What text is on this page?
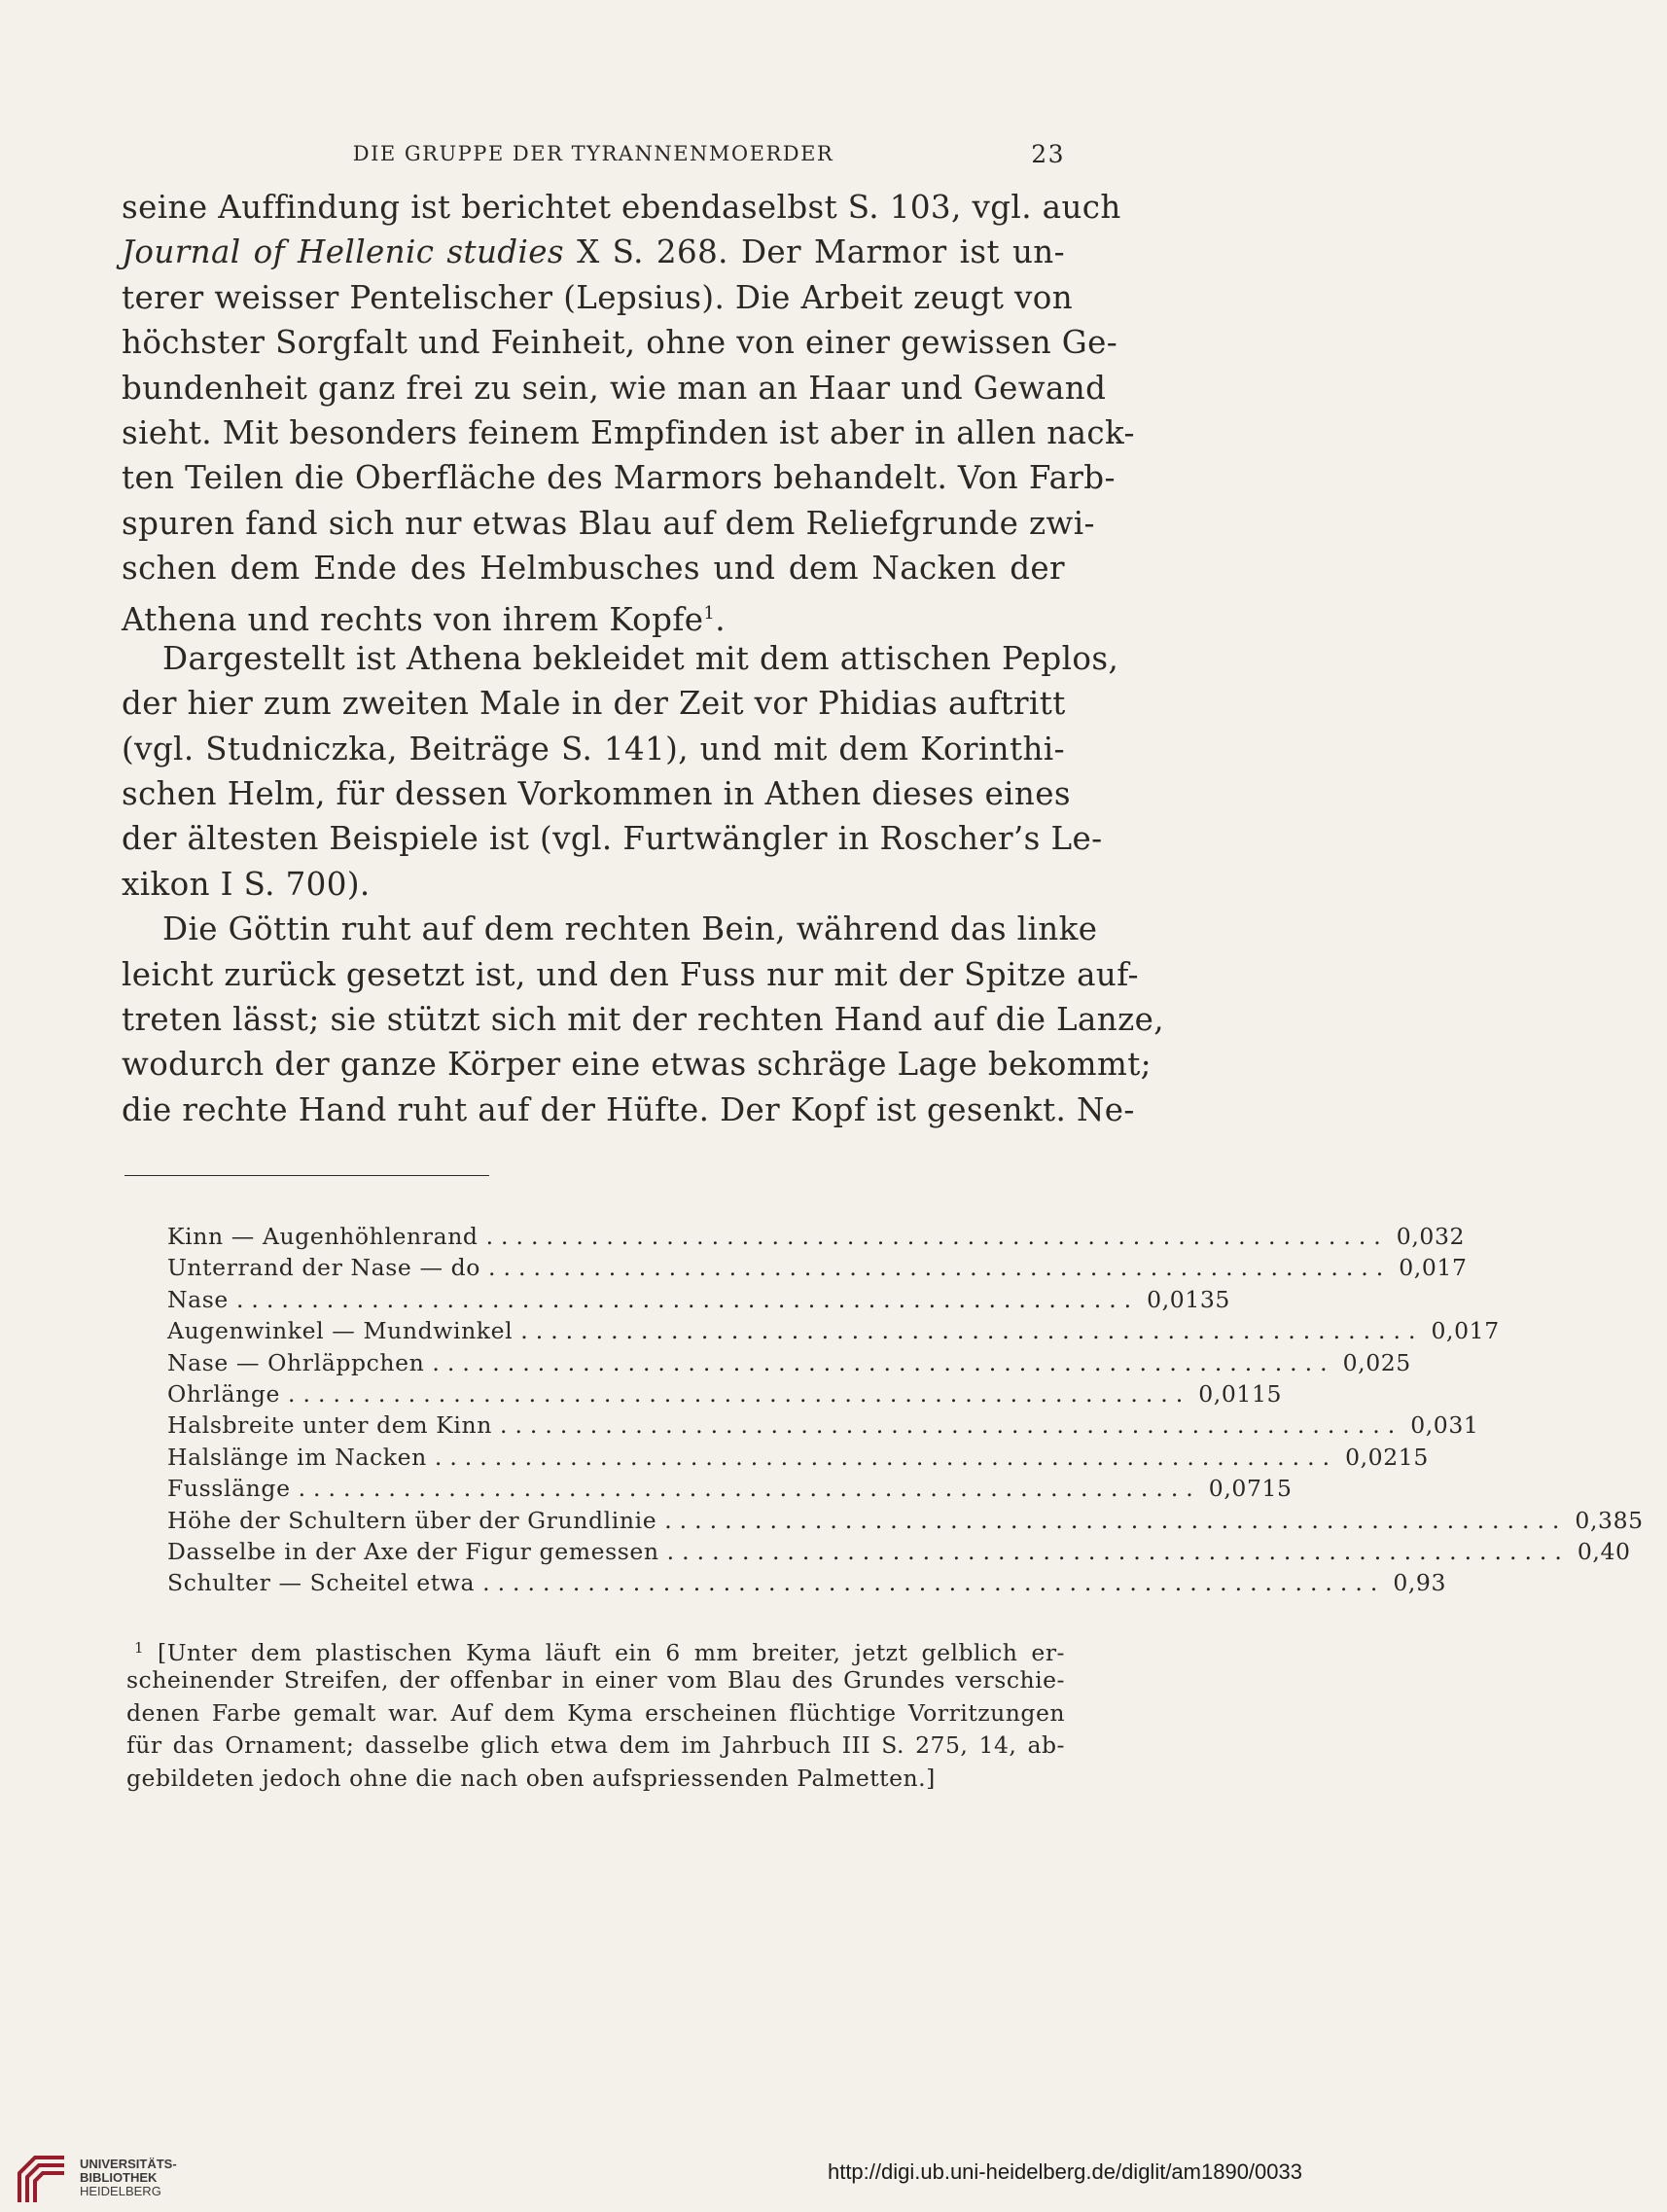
DIE GRUPPE DER TYRANNENMOERDER	23
seine Auffindung ist berichtet ebendaselbst S. 103, vgl. auch
Journal of Hellenic studies X S. 268. Der Marmor ist un-
terer weisser Pentelischer (Lepsius). Die Arbeit zeugt von
höchster Sorgfalt und Feinheit, ohne von einer gewissen Ge-
bundenheit ganz frei zu sein, wie man an Haar und Gewand
sieht. Mit besonders feinem Empfinden ist aber in allen nack-
ten Teilen die Oberfläche des Marmors behandelt. Von Farb-
spuren fand sich nur etwas Blau auf dem Reliefgrunde zwi-
schen dem Ende des Helmbusches und dem Nacken der
Athena und rechts von ihrem Kopfe$^1$.
Dargestellt ist Athena bekleidet mit dem attischen Peplos,
der hier zum zweiten Male in der Zeit vor Phidias auftritt
(vgl. Studniczka, Beiträge S. 141), und mit dem Korinthi-
schen Helm, für dessen Vorkommen in Athen dieses eines
der ältesten Beispiele ist (vgl. Furtwängler in Roscher’s Le-
xikon I S. 700).
Die Göttin ruht auf dem rechten Bein, während das linke
leicht zurück gesetzt ist, und den Fuss nur mit der Spitze auf-
treten lässt; sie stützt sich mit der rechten Hand auf die Lanze,
wodurch der ganze Körper eine etwas schräge Lage bekommt;
die rechte Hand ruht auf der Hüfte. Der Kopf ist gesenkt. Ne-
Kinn — Augenhöhlenrand ............................................................ 0,032
Unterrand der Nase — do ............................................................ 0,017
Nase ............................................................ 0,0135
Augenwinkel — Mundwinkel ............................................................ 0,017
Nase — Ohrläppchen ............................................................ 0,025
Ohrlänge ............................................................ 0,0115
Halsbreite unter dem Kinn ............................................................ 0,031
Halslänge im Nacken ............................................................ 0,0215
Fusslänge ............................................................ 0,0715
Höhe der Schultern über der Grundlinie ............................................................ 0,385
Dasselbe in der Axe der Figur gemessen ............................................................ 0,40
Schulter — Scheitel etwa ............................................................ 0,93
$^1$ [Unter dem plastischen Kyma läuft ein 6 mm breiter, jetzt gelblich er-
scheinender Streifen, der offenbar in einer vom Blau des Grundes verschie-
denen Farbe gemalt war. Auf dem Kyma erscheinen flüchtige Vorritzungen
für das Ornament; dasselbe glich etwa dem im Jahrbuch III S. 275, 14, ab-
gebildeten jedoch ohne die nach oben aufspriessenden Palmetten.]
UNIVERSITÄTS-
BIBLIOTHEK
HEIDELBERG
http://digi.ub.uni-heidelberg.de/diglit/am1890/0033
